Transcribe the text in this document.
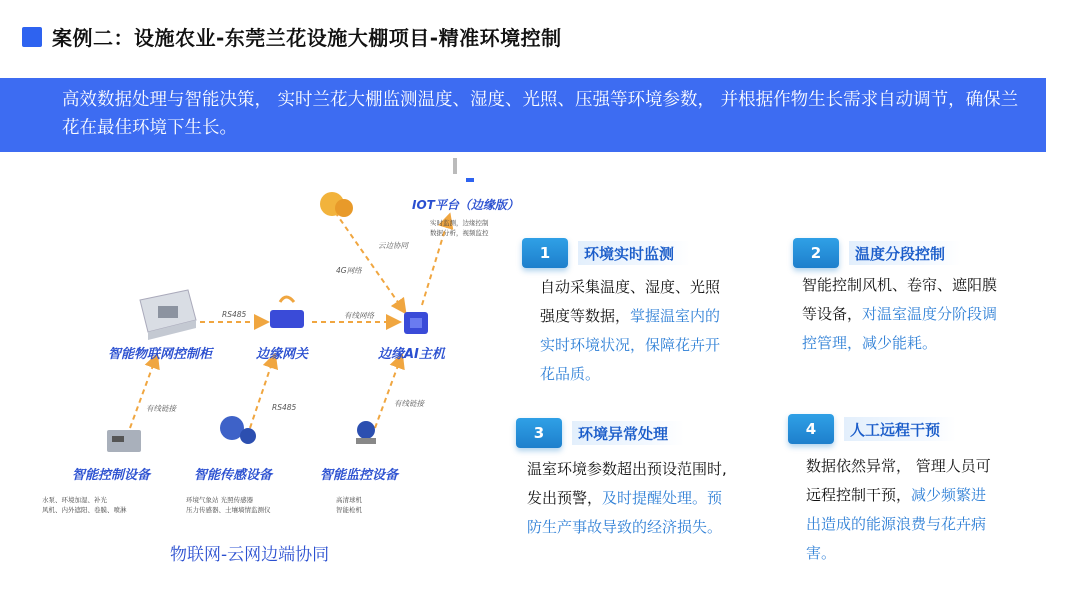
案例二：设施农业-东莞兰花设施大棚项目-精准环境控制
高效数据处理与智能决策， 实时兰花大棚监测温度、湿度、光照、压强等环境参数， 并根据作物生长需求自动调节，确保兰花在最佳环境下生长。
智能物联网控制柜	边缘网关	边缘AI主机
IOT平台（边缘版）
实时监测，边缘控制
数据分析，视频监控
RS485	有线网络
4G网络
云边协同
有线链接	RS485	有线链接
智能控制设备	智能传感设备	智能监控设备
水泵、环境加湿、补光
风机、内外遮阳、卷膜、喷淋
环境气象站 光照传感器
压力传感器、土壤墒情监测仪
高清球机
智能枪机
物联网-云网边端协同
1	环境实时监测
自动采集温度、湿度、光照
强度等数据，掌握温室内的
实时环境状况，保障花卉开
花品质。
2	温度分段控制
智能控制风机、卷帘、遮阳膜
等设备，对温室温度分阶段调
控管理，减少能耗。
3	环境异常处理
温室环境参数超出预设范围时,
发出预警，及时提醒处理。预
防生产事故导致的经济损失。
4	人工远程干预
数据依然异常， 管理人员可
远程控制干预，减少频繁进
出造成的能源浪费与花卉病
害。
